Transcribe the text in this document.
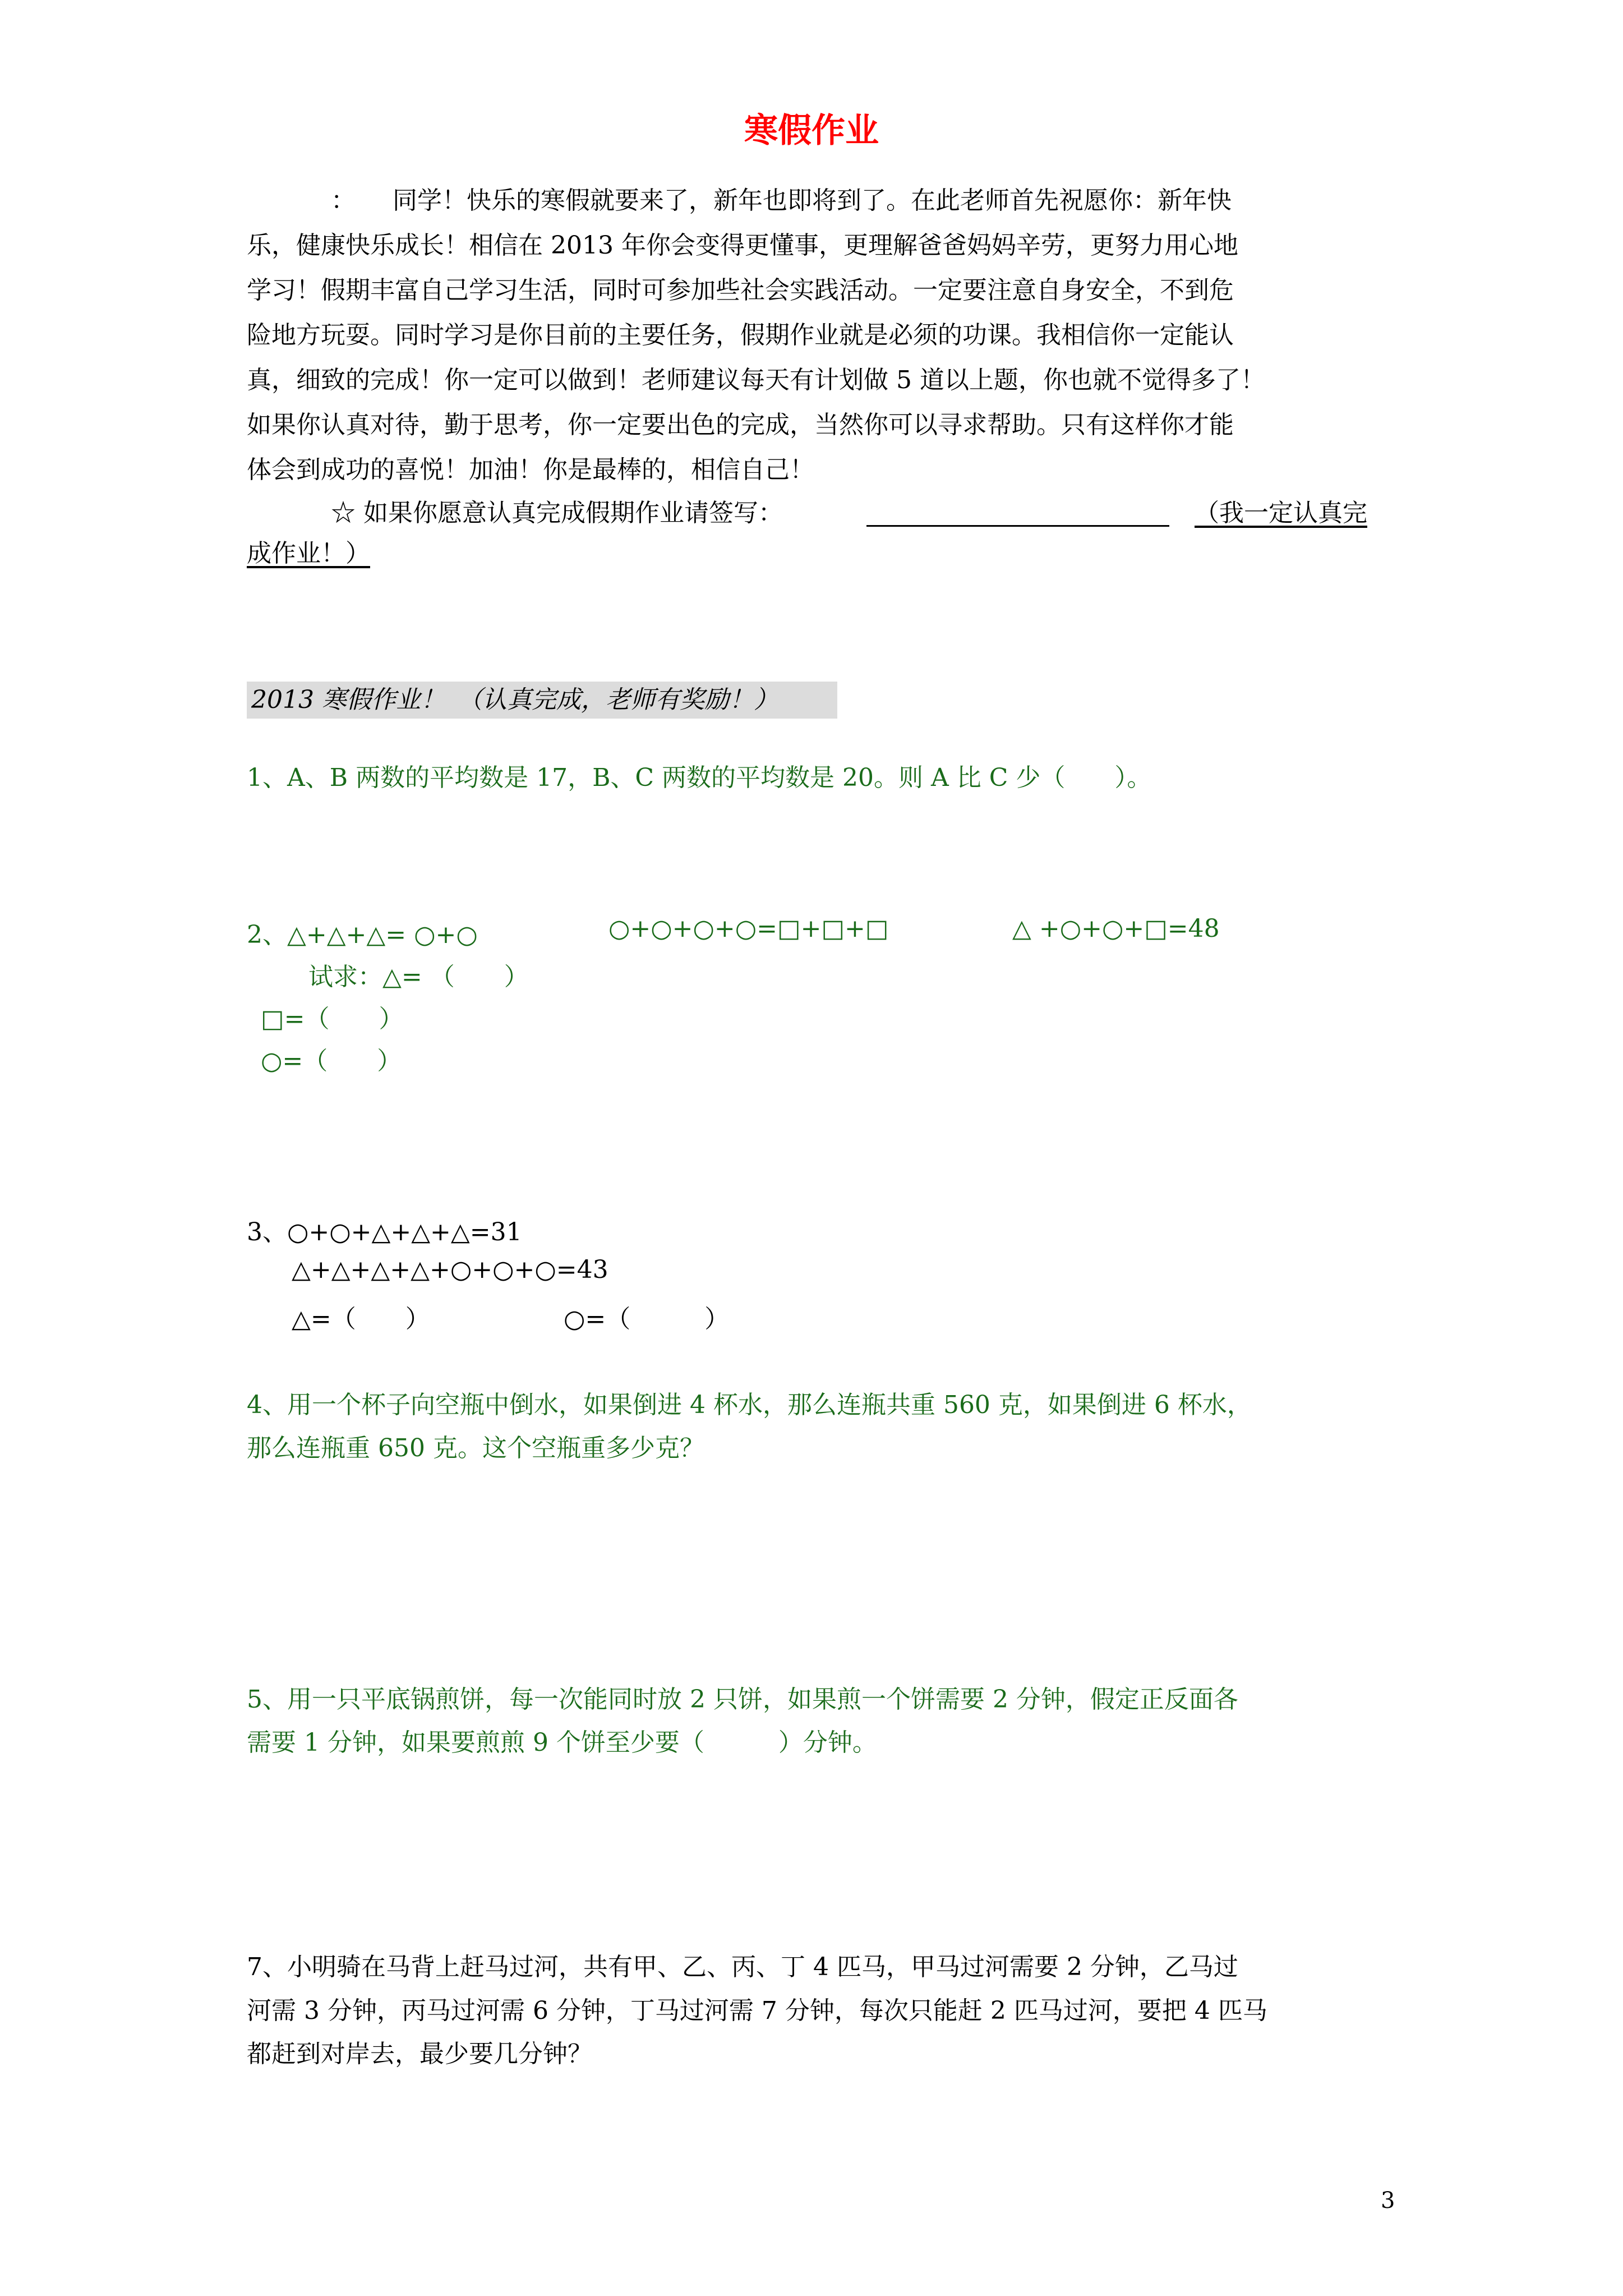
寒假作业
：　　同学！快乐的寒假就要来了，新年也即将到了。在此老师首先祝愿你：新年快
乐，健康快乐成长！相信在 2013 年你会变得更懂事，更理解爸爸妈妈辛劳，更努力用心地
学习！假期丰富自己学习生活，同时可参加些社会实践活动。一定要注意自身安全，不到危
险地方玩耍。同时学习是你目前的主要任务，假期作业就是必须的功课。我相信你一定能认
真，细致的完成！你一定可以做到！老师建议每天有计划做 5 道以上题，你也就不觉得多了！
如果你认真对待，勤于思考，你一定要出色的完成，当然你可以寻求帮助。只有这样你才能
体会到成功的喜悦！加油！你是最棒的，相信自己！
☆ 如果你愿意认真完成假期作业请签写：	（我一定认真完
成作业！）
2013 寒假作业！　（认真完成，老师有奖励！）
1、A、B 两数的平均数是 17，B、C 两数的平均数是 20。则 A 比 C 少（　　）。
2、△+△+△= ○+○	○+○+○+○=□+□+□	△ +○+○+□=48
试求：△= （　　）
□=（　　）
○=（　　）
3、○+○+△+△+△=31
△+△+△+△+○+○+○=43
△=（　　）	○=（　　　）
4、用一个杯子向空瓶中倒水，如果倒进 4 杯水，那么连瓶共重 560 克，如果倒进 6 杯水，
那么连瓶重 650 克。这个空瓶重多少克？
5、用一只平底锅煎饼，每一次能同时放 2 只饼，如果煎一个饼需要 2 分钟，假定正反面各
需要 1 分钟，如果要煎煎 9 个饼至少要（　　　）分钟。
7、小明骑在马背上赶马过河，共有甲、乙、丙、丁 4 匹马，甲马过河需要 2 分钟，乙马过
河需 3 分钟，丙马过河需 6 分钟，丁马过河需 7 分钟，每次只能赶 2 匹马过河，要把 4 匹马
都赶到对岸去，最少要几分钟？
3
